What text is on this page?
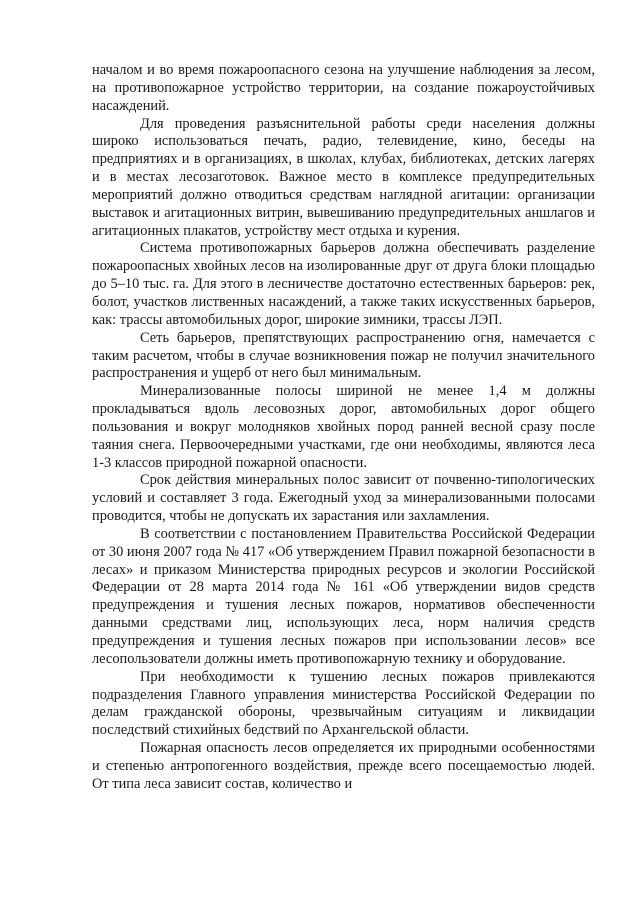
началом и во время пожароопасного сезона на улучшение наблюдения за лесом, на противопожарное устройство территории, на создание пожароустойчивых насаждений.

Для проведения разъяснительной работы среди населения должны широко использоваться печать, радио, телевидение, кино, беседы на предприятиях и в организациях, в школах, клубах, библиотеках, детских лагерях и в местах лесозаготовок. Важное место в комплексе предупредительных мероприятий должно отводиться средствам наглядной агитации: организации выставок и агитационных витрин, вывешиванию предупредительных аншлагов и агитационных плакатов, устройству мест отдыха и курения.

Система противопожарных барьеров должна обеспечивать разделение пожароопасных хвойных лесов на изолированные друг от друга блоки площадью до 5–10 тыс. га. Для этого в лесничестве достаточно естественных барьеров: рек, болот, участков лиственных насаждений, а также таких искусственных барьеров, как: трассы автомобильных дорог, широкие зимники, трассы ЛЭП.

Сеть барьеров, препятствующих распространению огня, намечается с таким расчетом, чтобы в случае возникновения пожар не получил значительного распространения и ущерб от него был минимальным.

Минерализованные полосы шириной не менее 1,4 м должны прокладываться вдоль лесовозных дорог, автомобильных дорог общего пользования и вокруг молодняков хвойных пород ранней весной сразу после таяния снега. Первоочередными участками, где они необходимы, являются леса 1-3 классов природной пожарной опасности.

Срок действия минеральных полос зависит от почвенно-типологических условий и составляет 3 года. Ежегодный уход за минерализованными полосами проводится, чтобы не допускать их зарастания или захламления.

В соответствии с постановлением Правительства Российской Федерации от 30 июня 2007 года № 417 «Об утверждением Правил пожарной безопасности в лесах» и приказом Министерства природных ресурсов и экологии Российской Федерации от 28 марта 2014 года № 161 «Об утверждении видов средств предупреждения и тушения лесных пожаров, нормативов обеспеченности данными средствами лиц, использующих леса, норм наличия средств предупреждения и тушения лесных пожаров при использовании лесов» все лесопользователи должны иметь противопожарную технику и оборудование.

При необходимости к тушению лесных пожаров привлекаются подразделения Главного управления министерства Российской Федерации по делам гражданской обороны, чрезвычайным ситуациям и ликвидации последствий стихийных бедствий по Архангельской области.

Пожарная опасность лесов определяется их природными особенностями и степенью антропогенного воздействия, прежде всего посещаемостью людей. От типа леса зависит состав, количество и
